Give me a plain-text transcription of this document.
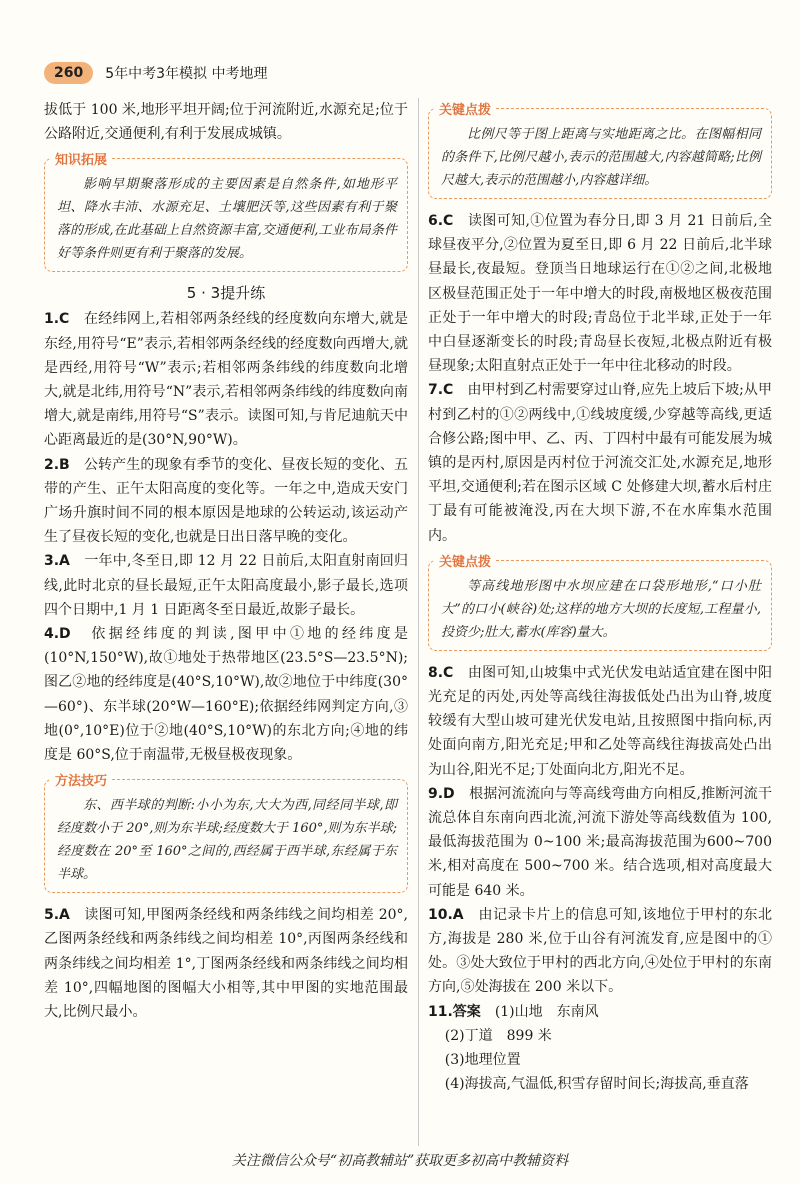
260	5年中考3年模拟 中考地理

拔低于 100 米,地形平坦开阔;位于河流附近,水源充足;位于公路附近,交通便利,有利于发展成城镇。

知识拓展

影响早期聚落形成的主要因素是自然条件,如地形平坦、降水丰沛、水源充足、土壤肥沃等,这些因素有利于聚落的形成,在此基础上自然资源丰富,交通便利,工业布局条件好等条件则更有利于聚落的发展。

5 · 3提升练

1.C　 在经纬网上,若相邻两条经线的经度数向东增大,就是东经,用符号“E”表示,若相邻两条经线的经度数向西增大,就是西经,用符号“W”表示;若相邻两条纬线的纬度数向北增大,就是北纬,用符号“N”表示,若相邻两条纬线的纬度数向南增大,就是南纬,用符号“S”表示。读图可知,与肯尼迪航天中心距离最近的是(30°N,90°W)。

2.B　 公转产生的现象有季节的变化、昼夜长短的变化、五带的产生、正午太阳高度的变化等。一年之中,造成天安门广场升旗时间不同的根本原因是地球的公转运动,该运动产生了昼夜长短的变化,也就是日出日落早晚的变化。

3.A　 一年中,冬至日,即 12 月 22 日前后,太阳直射南回归线,此时北京的昼长最短,正午太阳高度最小,影子最长,选项四个日期中,1 月 1 日距离冬至日最近,故影子最长。

4.D　 依据经纬度的判读,图甲中①地的经纬度是(10°N,150°W),故①地处于热带地区(23.5°S—23.5°N);图乙②地的经纬度是(40°S,10°W),故②地位于中纬度(30°—60°)、东半球(20°W—160°E);依据经纬网判定方向,③地(0°,10°E)位于②地(40°S,10°W)的东北方向;④地的纬度是 60°S,位于南温带,无极昼极夜现象。

方法技巧

东、西半球的判断:小小为东,大大为西,同经同半球,即经度数小于 20°,则为东半球;经度数大于 160°,则为东半球;经度数在 20°至 160°之间的,西经属于西半球,东经属于东半球。

5.A　 读图可知,甲图两条经线和两条纬线之间均相差 20°,乙图两条经线和两条纬线之间均相差 10°,丙图两条经线和两条纬线之间均相差 1°,丁图两条经线和两条纬线之间均相差 10°,四幅地图的图幅大小相等,其中甲图的实地范围最大,比例尺最小。

关键点拨

比例尺等于图上距离与实地距离之比。在图幅相同的条件下,比例尺越小,表示的范围越大,内容越简略;比例尺越大,表示的范围越小,内容越详细。

6.C　 读图可知,①位置为春分日,即 3 月 21 日前后,全球昼夜平分,②位置为夏至日,即 6 月 22 日前后,北半球昼最长,夜最短。登顶当日地球运行在①②之间,北极地区极昼范围正处于一年中增大的时段,南极地区极夜范围正处于一年中增大的时段;青岛位于北半球,正处于一年中白昼逐渐变长的时段;青岛昼长夜短,北极点附近有极昼现象;太阳直射点正处于一年中往北移动的时段。

7.C　 由甲村到乙村需要穿过山脊,应先上坡后下坡;从甲村到乙村的①②两线中,①线坡度缓,少穿越等高线,更适合修公路;图中甲、乙、丙、丁四村中最有可能发展为城镇的是丙村,原因是丙村位于河流交汇处,水源充足,地形平坦,交通便利;若在图示区域 C 处修建大坝,蓄水后村庄丁最有可能被淹没,丙在大坝下游,不在水库集水范围内。

关键点拨

等高线地形图中水坝应建在口袋形地形,“口小肚大”的口小(峡谷)处;这样的地方大坝的长度短,工程量小,投资少;肚大,蓄水(库容)量大。

8.C　 由图可知,山坡集中式光伏发电站适宜建在图中阳光充足的丙处,丙处等高线往海拔低处凸出为山脊,坡度较缓有大型山坡可建光伏发电站,且按照图中指向标,丙处面向南方,阳光充足;甲和乙处等高线往海拔高处凸出为山谷,阳光不足;丁处面向北方,阳光不足。

9.D　 根据河流流向与等高线弯曲方向相反,推断河流干流总体自东南向西北流,河流下游处等高线数值为 100,最低海拔范围为 0~100 米;最高海拔范围为600~700 米,相对高度在 500~700 米。结合选项,相对高度最大可能是 640 米。

10.A　 由记录卡片上的信息可知,该地位于甲村的东北方,海拔是 280 米,位于山谷有河流发育,应是图中的①处。③处大致位于甲村的西北方向,④处位于甲村的东南方向,⑤处海拔在 200 米以下。

11.答案　 (1)山地　东南风

(2)丁道　899 米

(3)地理位置

(4)海拔高,气温低,积雪存留时间长;海拔高,垂直落

关注微信公众号“初高教辅站”获取更多初高中教辅资料
